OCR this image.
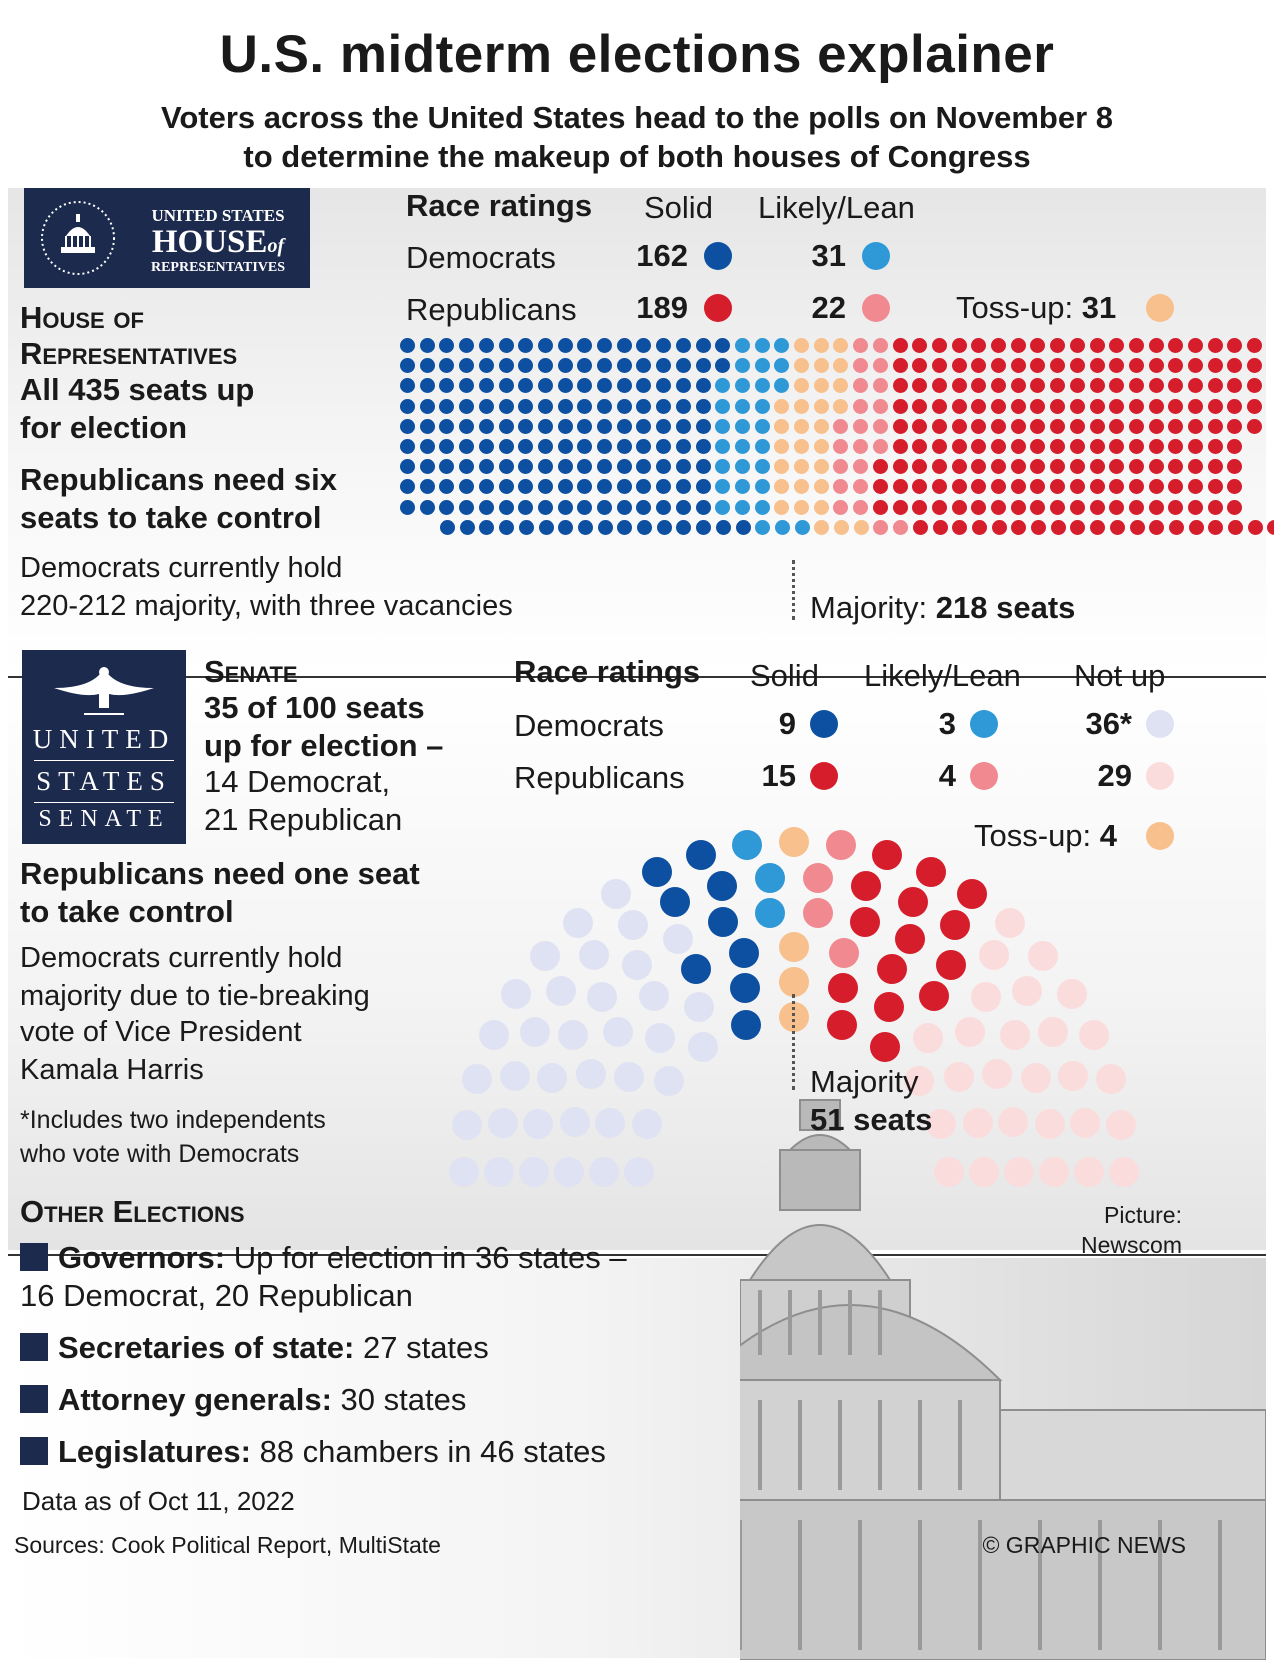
U.S. midterm elections explainer
Voters across the United States head to the polls on November 8
to determine the makeup of both houses of Congress
UNITED STATES
HOUSEof
REPRESENTATIVES
House of
Representatives
All 435 seats up
for election
Republicans need six
seats to take control
Democrats currently hold
220-212 majority, with three vacancies
Race ratings Solid Likely/Lean
Democrats
Republicans
162
189
31
22	Toss-up: 31
Majority: 218 seats
UNITED
STATES
SENATE
Senate
35 of 100 seats
up for election –
14 Democrat,
21 Republican
Republicans need one seat
to take control
Democrats currently hold
majority due to tie-breaking
vote of Vice President
Kamala Harris
*Includes two independents
who vote with Democrats
Race ratings Solid Likely/Lean Not up
Democrats
Republicans
9
15
3
4
36*
29
Toss-up: 4
Majority
51 seats
Other Elections
Governors: Up for election in 36 states –
16 Democrat, 20 Republican
Secretaries of state: 27 states
Attorney generals: 30 states
Legislatures: 88 chambers in 46 states
Data as of Oct 11, 2022
Picture:
Newscom
Sources: Cook Political Report, MultiState	© GRAPHIC NEWS
